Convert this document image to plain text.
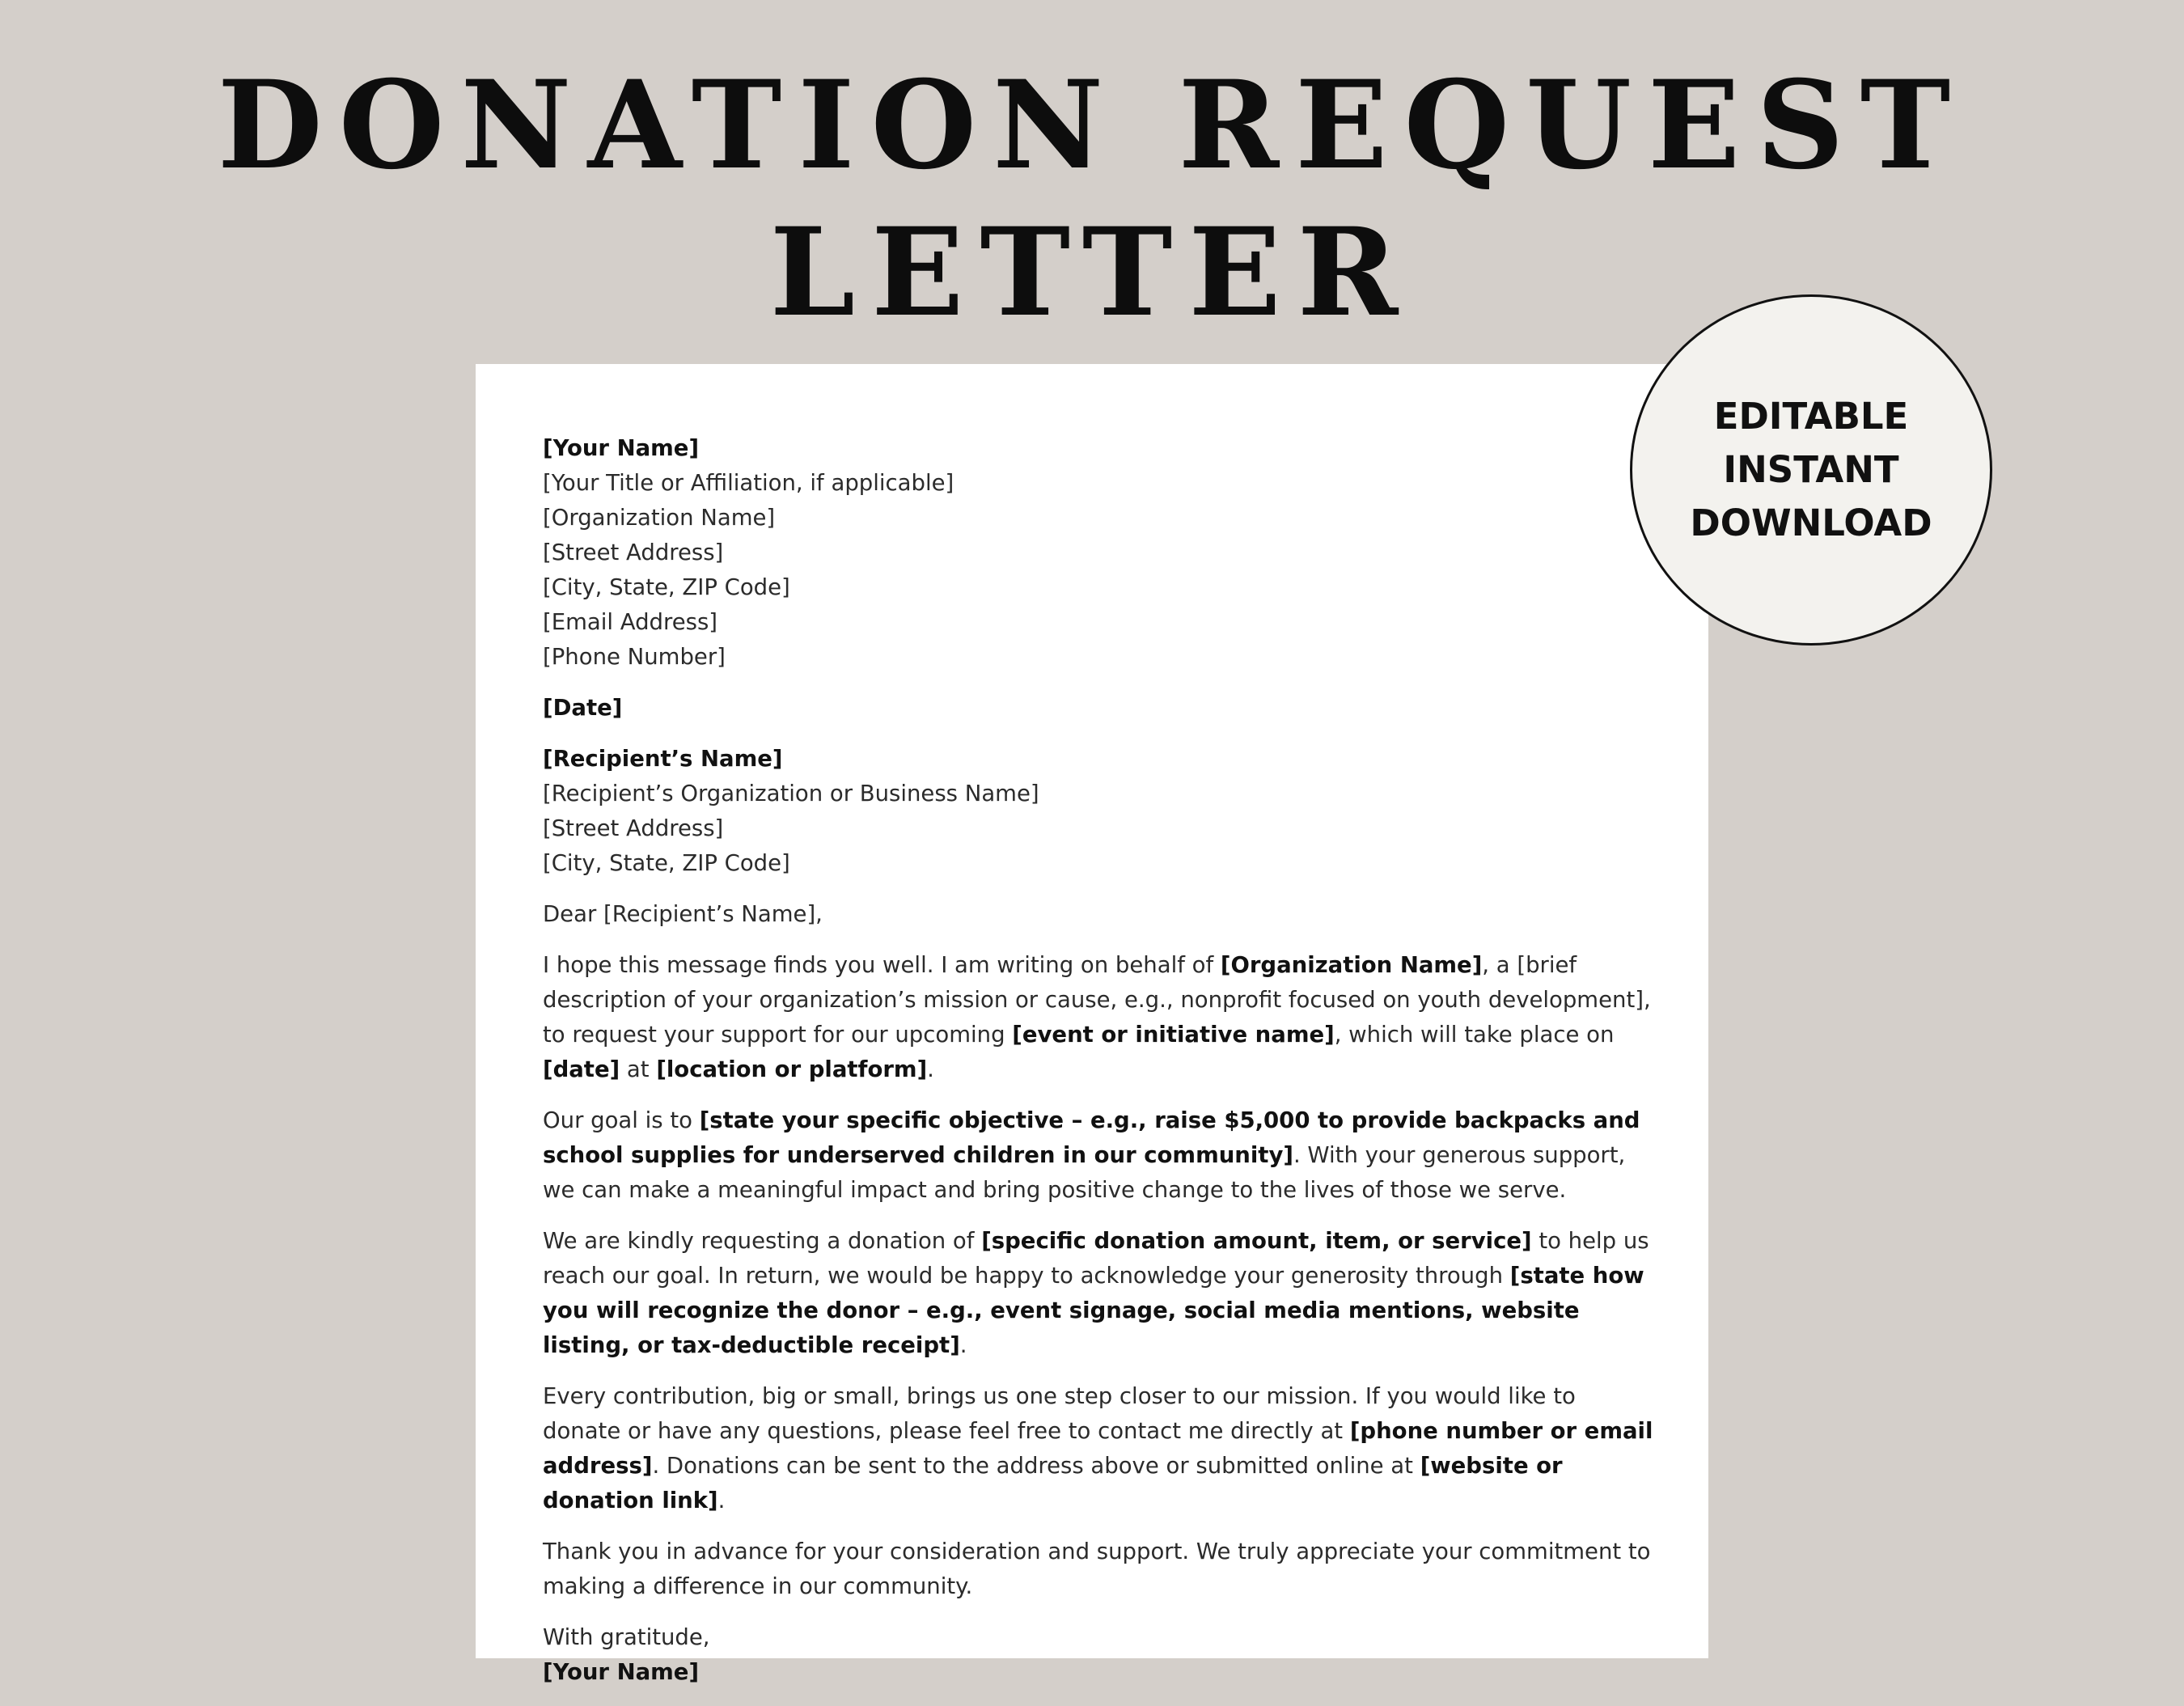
DONATION REQUEST
LETTER
[Your Name]
[Your Title or Affiliation, if applicable]
[Organization Name]
[Street Address]
[City, State, ZIP Code]
[Email Address]
[Phone Number]
[Date]
[Recipient’s Name]
[Recipient’s Organization or Business Name]
[Street Address]
[City, State, ZIP Code]

Dear [Recipient’s Name],

I hope this message finds you well. I am writing on behalf of [Organization Name], a [brief description of your organization’s mission or cause, e.g., nonprofit focused on youth development], to request your support for our upcoming [event or initiative name], which will take place on [date] at [location or platform].

Our goal is to [state your specific objective – e.g., raise $5,000 to provide backpacks and school supplies for underserved children in our community]. With your generous support, we can make a meaningful impact and bring positive change to the lives of those we serve.

We are kindly requesting a donation of [specific donation amount, item, or service] to help us reach our goal. In return, we would be happy to acknowledge your generosity through [state how you will recognize the donor – e.g., event signage, social media mentions, website listing, or tax-deductible receipt].

Every contribution, big or small, brings us one step closer to our mission. If you would like to donate or have any questions, please feel free to contact me directly at [phone number or email address]. Donations can be sent to the address above or submitted online at [website or donation link].

Thank you in advance for your consideration and support. We truly appreciate your commitment to making a difference in our community.

With gratitude,
[Your Name]
EDITABLE
INSTANT
DOWNLOAD
